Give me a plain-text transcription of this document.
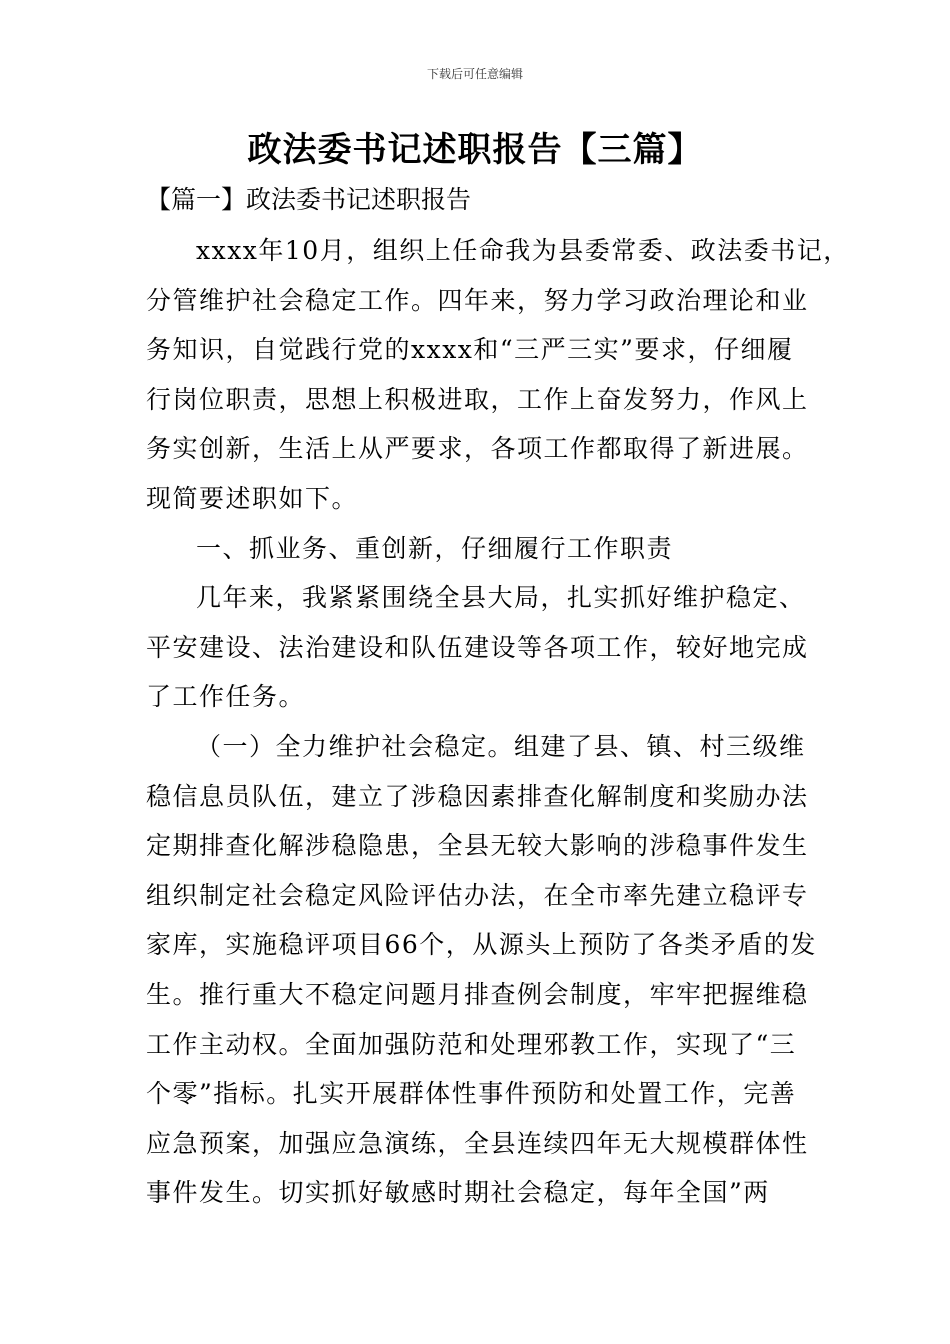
下载后可任意编辑
政法委书记述职报告【三篇】
【篇一】政法委书记述职报告
xxxx年10月，组织上任命我为县委常委、政法委书记，
分管维护社会稳定工作。四年来，努力学习政治理论和业
务知识，自觉践行党的xxxx和“三严三实”要求，仔细履
行岗位职责，思想上积极进取，工作上奋发努力，作风上
务实创新，生活上从严要求，各项工作都取得了新进展。
现简要述职如下。
一、抓业务、重创新，仔细履行工作职责
几年来，我紧紧围绕全县大局，扎实抓好维护稳定、
平安建设、法治建设和队伍建设等各项工作，较好地完成
了工作任务。
（一）全力维护社会稳定。组建了县、镇、村三级维
稳信息员队伍，建立了涉稳因素排查化解制度和奖励办法
定期排查化解涉稳隐患，全县无较大影响的涉稳事件发生
组织制定社会稳定风险评估办法，在全市率先建立稳评专
家库，实施稳评项目66个，从源头上预防了各类矛盾的发
生。推行重大不稳定问题月排查例会制度，牢牢把握维稳
工作主动权。全面加强防范和处理邪教工作，实现了“三
个零”指标。扎实开展群体性事件预防和处置工作，完善
应急预案，加强应急演练，全县连续四年无大规模群体性
事件发生。切实抓好敏感时期社会稳定，每年全国”两
